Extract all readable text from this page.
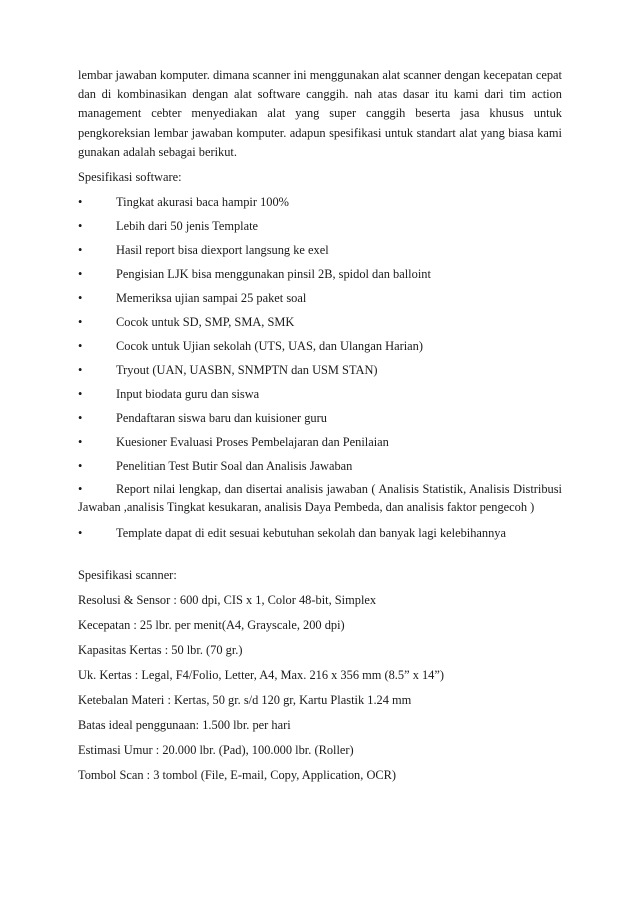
lembar jawaban komputer. dimana scanner ini menggunakan alat scanner dengan kecepatan cepat dan di kombinasikan dengan alat software canggih. nah atas dasar itu kami dari tim action management cebter menyediakan alat yang super canggih beserta jasa khusus untuk pengkoreksian lembar jawaban komputer. adapun spesifikasi untuk standart alat yang biasa kami gunakan adalah sebagai berikut.

Spesifikasi software:

•	Tingkat akurasi baca hampir 100%
•	Lebih dari 50 jenis Template
•	Hasil report bisa diexport langsung ke exel
•	Pengisian LJK bisa menggunakan pinsil 2B, spidol dan balloint
•	Memeriksa ujian sampai 25 paket soal
•	Cocok untuk SD, SMP, SMA, SMK
•	Cocok untuk Ujian sekolah (UTS, UAS, dan Ulangan Harian)
•	Tryout (UAN, UASBN, SNMPTN dan USM STAN)
•	Input biodata guru dan siswa
•	Pendaftaran siswa baru dan kuisioner guru
•	Kuesioner Evaluasi Proses Pembelajaran dan Penilaian
•	Penelitian Test Butir Soal dan Analisis Jawaban
•	Report nilai lengkap, dan disertai analisis jawaban ( Analisis Statistik, Analisis Distribusi Jawaban ,analisis Tingkat kesukaran, analisis Daya Pembeda, dan analisis faktor pengecoh )
•	Template dapat di edit sesuai kebutuhan sekolah dan banyak lagi kelebihannya

Spesifikasi scanner:

Resolusi & Sensor : 600 dpi, CIS x 1, Color 48-bit, Simplex
Kecepatan : 25 lbr. per menit(A4, Grayscale, 200 dpi)
Kapasitas Kertas : 50 lbr. (70 gr.)
Uk. Kertas : Legal, F4/Folio, Letter, A4, Max. 216 x 356 mm (8.5” x 14”)
Ketebalan Materi : Kertas, 50 gr. s/d 120 gr, Kartu Plastik 1.24 mm
Batas ideal penggunaan: 1.500 lbr. per hari
Estimasi Umur : 20.000 lbr. (Pad), 100.000 lbr. (Roller)
Tombol Scan : 3 tombol (File, E-mail, Copy, Application, OCR)
